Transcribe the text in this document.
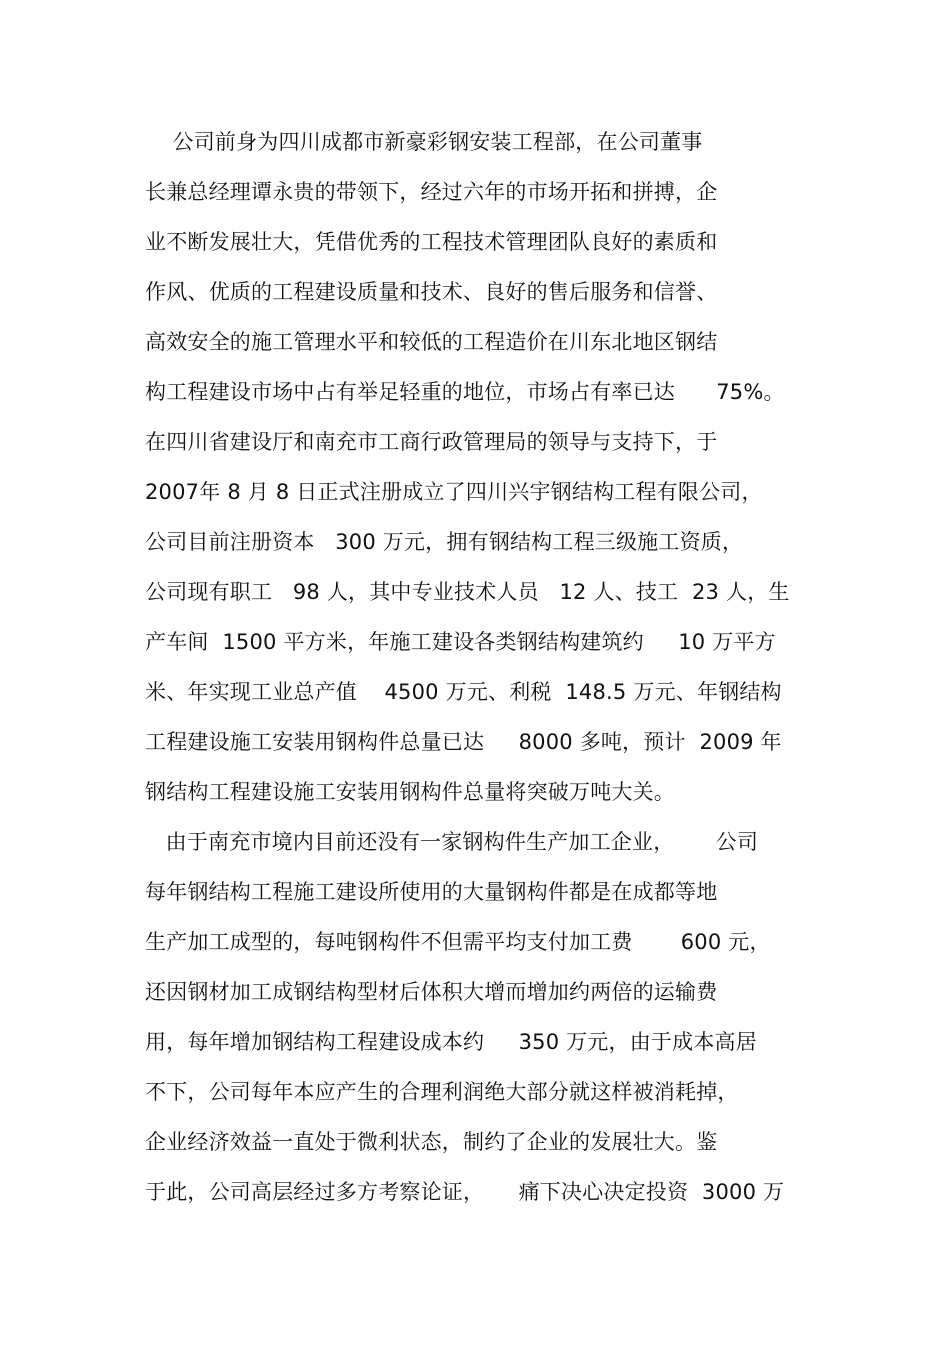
公司前身为四川成都市新豪彩钢安装工程部，在公司董事
长兼总经理谭永贵的带领下，经过六年的市场开拓和拼搏，企
业不断发展壮大，凭借优秀的工程技术管理团队良好的素质和
作风、优质的工程建设质量和技术、良好的售后服务和信誉、
高效安全的施工管理水平和较低的工程造价在川东北地区钢结
构工程建设市场中占有举足轻重的地位，市场占有率已达      75%。
在四川省建设厅和南充市工商行政管理局的领导与支持下，于
2007年 8 月 8 日正式注册成立了四川兴宇钢结构工程有限公司，
公司目前注册资本   300 万元，拥有钢结构工程三级施工资质，
公司现有职工   98 人，其中专业技术人员   12 人、技工  23 人，生
产车间  1500 平方米，年施工建设各类钢结构建筑约     10 万平方
米、年实现工业总产值    4500 万元、利税  148.5 万元、年钢结构
工程建设施工安装用钢构件总量已达     8000 多吨，预计  2009 年
钢结构工程建设施工安装用钢构件总量将突破万吨大关。
由于南充市境内目前还没有一家钢构件生产加工企业，      公司
每年钢结构工程施工建设所使用的大量钢构件都是在成都等地
生产加工成型的，每吨钢构件不但需平均支付加工费       600 元，
还因钢材加工成钢结构型材后体积大增而增加约两倍的运输费
用，每年增加钢结构工程建设成本约     350 万元，由于成本高居
不下，公司每年本应产生的合理利润绝大部分就这样被消耗掉，
企业经济效益一直处于微利状态，制约了企业的发展壮大。鉴
于此，公司高层经过多方考察论证，     痛下决心决定投资  3000 万
